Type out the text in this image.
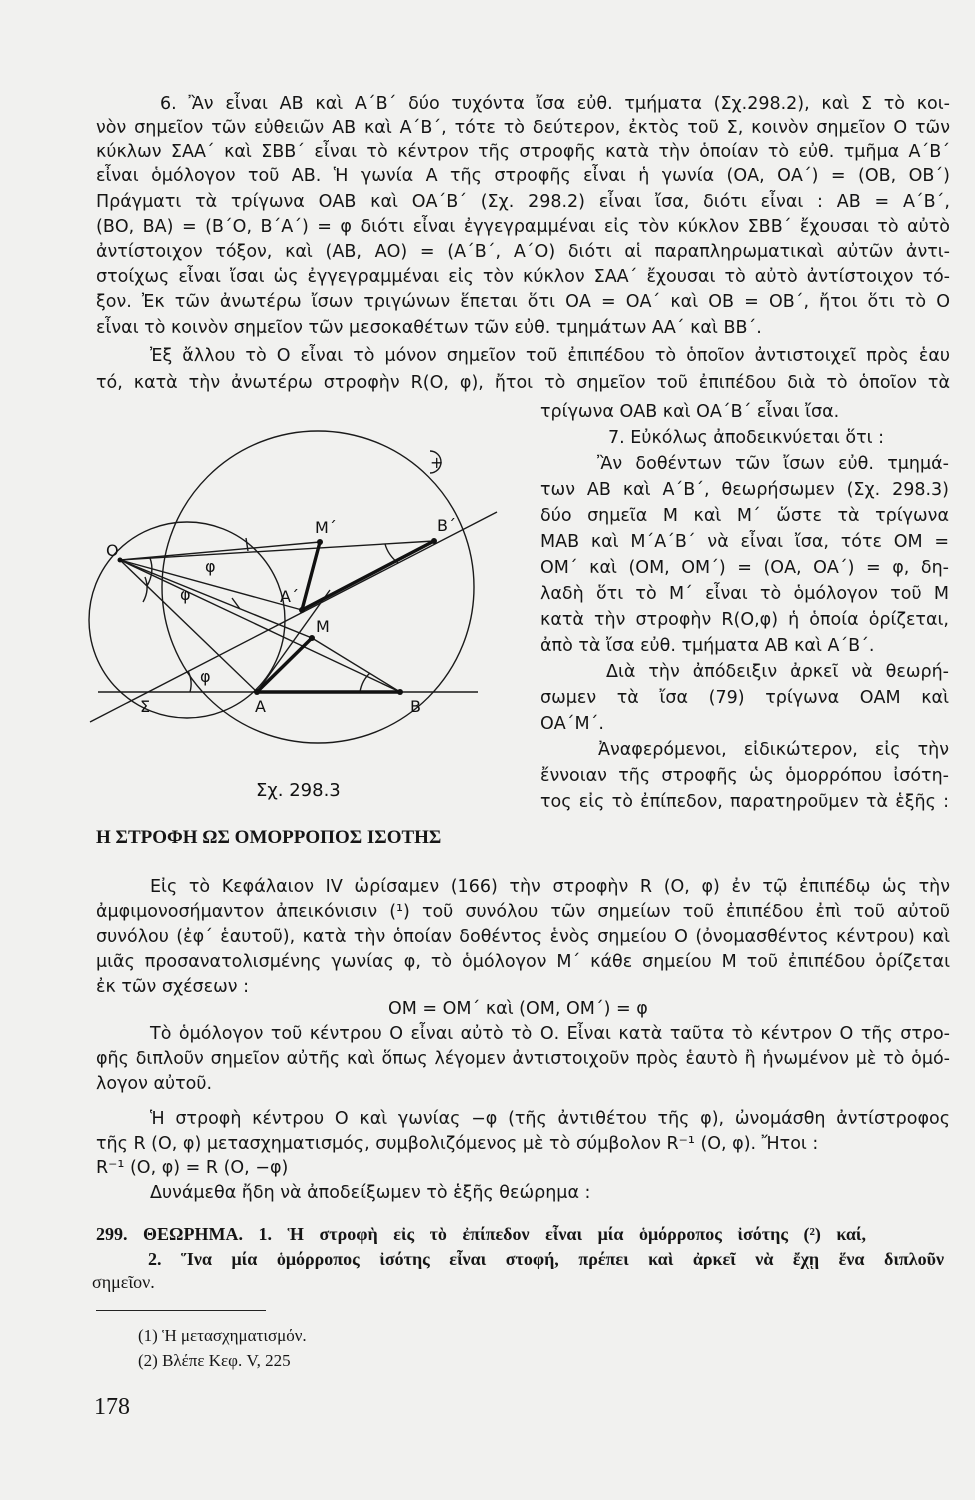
6. Ἂν εἶναι ΑΒ καὶ Α΄Β΄ δύο τυχόντα ἴσα εὐθ. τμήματα (Σχ.298.2), καὶ Σ τὸ κοι-
νὸν σημεῖον τῶν εὐθειῶν ΑΒ καὶ Α΄Β΄, τότε τὸ δεύτερον, ἐκτὸς τοῦ Σ, κοινὸν σημεῖον Ο τῶν
κύκλων ΣΑΑ΄ καὶ ΣΒΒ΄ εἶναι τὸ κέντρον τῆς στροφῆς κατὰ τὴν ὁποίαν τὸ εὐθ. τμῆμα Α΄Β΄
εἶναι ὁμόλογον τοῦ ΑΒ. Ἡ γωνία Α τῆς στροφῆς εἶναι ἡ γωνία (ΟΑ, ΟΑ΄) = (ΟΒ, ΟΒ΄)
Πράγματι τὰ τρίγωνα ΟΑΒ καὶ ΟΑ΄Β΄ (Σχ. 298.2) εἶναι ἴσα, διότι εἶναι : ΑΒ = Α΄Β΄,
(ΒΟ, ΒΑ) = (Β΄Ο, Β΄Α΄) = φ διότι εἶναι ἐγγεγραμμέναι εἰς τὸν κύκλον ΣΒΒ΄ ἔχουσαι τὸ αὐτὸ
ἀντίστοιχον τόξον, καὶ (ΑΒ, ΑΟ) = (Α΄Β΄, Α΄Ο) διότι αἱ παραπληρωματικαὶ αὐτῶν ἀντι-
στοίχως εἶναι ἴσαι ὡς ἐγγεγραμμέναι εἰς τὸν κύκλον ΣΑΑ΄ ἔχουσαι τὸ αὐτὸ ἀντίστοιχον τό-
ξον. Ἐκ τῶν ἀνωτέρω ἴσων τριγώνων ἕπεται ὅτι ΟΑ = ΟΑ΄ καὶ ΟΒ = ΟΒ΄, ἤτοι ὅτι τὸ Ο
εἶναι τὸ κοινὸν σημεῖον τῶν μεσοκαθέτων τῶν εὐθ. τμημάτων ΑΑ΄ καὶ ΒΒ΄.
Ἐξ ἄλλου τὸ Ο εἶναι τὸ μόνον σημεῖον τοῦ ἐπιπέδου τὸ ὁποῖον ἀντιστοιχεῖ πρὸς ἑαυ
τό, κατὰ τὴν ἀνωτέρω στροφὴν R(Ο, φ), ἤτοι τὸ σημεῖον τοῦ ἐπιπέδου διὰ τὸ ὁποῖον τὰ
τρίγωνα ΟΑΒ καὶ ΟΑ΄Β΄ εἶναι ἴσα.
7. Εὐκόλως ἀποδεικνύεται ὅτι :
Ἂν δοθέντων τῶν ἴσων εὐθ. τμημά-
των ΑΒ καὶ Α΄Β΄, θεωρήσωμεν (Σχ. 298.3)
δύο σημεῖα Μ καὶ Μ΄ ὥστε τὰ τρίγωνα
ΜΑΒ καὶ Μ΄Α΄Β΄ νὰ εἶναι ἴσα, τότε ΟΜ =
ΟΜ΄ καὶ (ΟΜ, ΟΜ΄) = (ΟΑ, ΟΑ΄) = φ, δη-
λαδὴ ὅτι τὸ Μ΄ εἶναι τὸ ὁμόλογον τοῦ Μ
κατὰ τὴν στροφὴν R(Ο,φ) ἡ ὁποία ὁρίζεται,
ἀπὸ τὰ ἴσα εὐθ. τμήματα ΑΒ καὶ Α΄Β΄.
Διὰ τὴν ἀπόδειξιν ἀρκεῖ νὰ θεωρή-
σωμεν τὰ ἴσα (79) τρίγωνα ΟΑΜ καὶ
ΟΑ΄Μ΄.
Ἀναφερόμενοι, εἰδικώτερον, εἰς τὴν
ἔννοιαν τῆς στροφῆς ὡς ὁμορρόπου ἰσότη-
τος εἰς τὸ ἐπίπεδον, παρατηροῦμεν τὰ ἑξῆς :
Ο
Σ	Α	Β
Μ
Μ΄
Α΄
Β΄
φ
φ
φ
+
Σχ. 298.3
Η ΣΤΡΟΦΗ ΩΣ ΟΜΟΡΡΟΠΟΣ ΙΣΟΤΗΣ
Εἰς τὸ Κεφάλαιον IV ὡρίσαμεν (166) τὴν στροφὴν R (Ο, φ) ἐν τῷ ἐπιπέδῳ ὡς τὴν
ἀμφιμονοσήμαντον ἀπεικόνισιν (¹) τοῦ συνόλου τῶν σημείων τοῦ ἐπιπέδου ἐπὶ τοῦ αὐτοῦ
συνόλου (ἐφ΄ ἑαυτοῦ), κατὰ τὴν ὁποίαν δοθέντος ἑνὸς σημείου Ο (ὀνομασθέντος κέντρου) καὶ
μιᾶς προσανατολισμένης γωνίας φ, τὸ ὁμόλογον Μ΄ κάθε σημείου Μ τοῦ ἐπιπέδου ὁρίζεται
ἐκ τῶν σχέσεων :
ΟΜ = ΟΜ΄ καὶ (ΟΜ, ΟΜ΄) = φ
Τὸ ὁμόλογον τοῦ κέντρου Ο εἶναι αὐτὸ τὸ Ο. Εἶναι κατὰ ταῦτα τὸ κέντρον Ο τῆς στρο-
φῆς διπλοῦν σημεῖον αὐτῆς καὶ ὅπως λέγομεν ἀντιστοιχοῦν πρὸς ἑαυτὸ ἢ ἡνωμένον μὲ τὸ ὁμό-
λογον αὐτοῦ.
Ἡ στροφὴ κέντρου Ο καὶ γωνίας −φ (τῆς ἀντιθέτου τῆς φ), ὠνομάσθη ἀντίστροφος
τῆς R (Ο, φ) μετασχηματισμός, συμβολιζόμενος μὲ τὸ σύμβολον R⁻¹ (Ο, φ). Ἤτοι :
R⁻¹ (Ο, φ) = R (Ο, −φ)
Δυνάμεθα ἤδη νὰ ἀποδείξωμεν τὸ ἑξῆς θεώρημα :
299. ΘΕΩΡΗΜΑ. 1. Ἡ στροφὴ εἰς τὸ ἐπίπεδον εἶναι μία ὁμόρροπος ἰσότης (²) καί,
2. Ἵνα μία ὁμόρροπος ἰσότης εἶναι στοφή, πρέπει καὶ ἀρκεῖ νὰ ἔχῃ ἕνα διπλοῦν
σημεῖον.
(1) Ἡ μετασχηματισμόν.
(2) Βλέπε Κεφ. V, 225
178
